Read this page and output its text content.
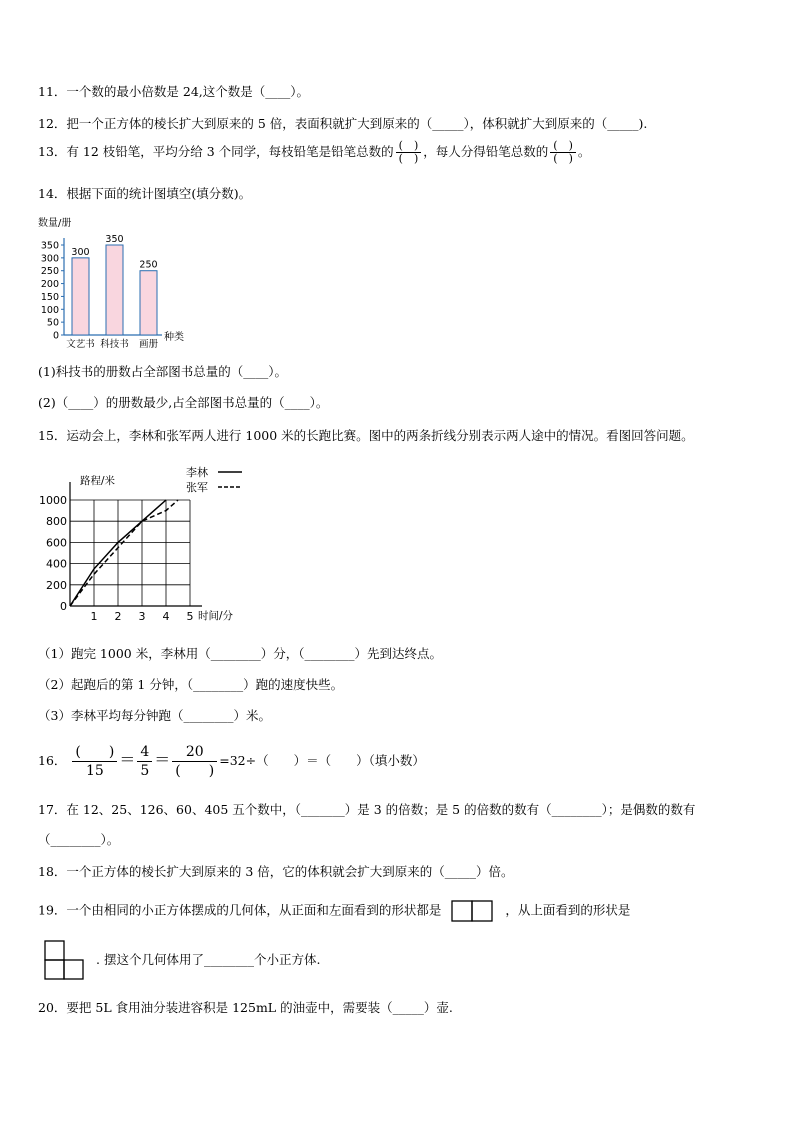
11．一个数的最小倍数是 24,这个数是（____）。
12．把一个正方体的棱长扩大到原来的 5 倍，表面积就扩大到原来的（_____），体积就扩大到原来的（_____).
13．有 12 枝铅笔，平均分给 3 个同学，每枝铅笔是铅笔总数的 $\frac{( )}{( )}$ ，每人分得铅笔总数的 $\frac{( )}{( )}$ 。
14．根据下面的统计图填空(填分数)。
数量/册
0
50
100
150
200
250
300
350
300
文艺书
350
科技书
250
画册
种类
(1)科技书的册数占全部图书总量的（____）。
(2)（____）的册数最少,占全部图书总量的（____）。
15．运动会上，李林和张军两人进行 1000 米的长跑比赛。图中的两条折线分别表示两人途中的情况。看图回答问题。
路程/米
时间/分
0
200
400
600
800
1000
1 2 3 4 5
李林
张军
（1）跑完 1000 米，李林用（________）分，（________）先到达终点。
（2）起跑后的第 1 分钟，（________）跑的速度快些。
（3）李林平均每分钟跑（________）米。
16． $\frac{( )}{15} = \frac{4}{5} = \frac{20}{( )} =32\div$（　　）＝（　　）（填小数）
17．在 12、25、126、60、405 五个数中，（_______）是 3 的倍数；是 5 的倍数的数有（________）；是偶数的数有
（________）。
18．一个正方体的棱长扩大到原来的 3 倍，它的体积就会扩大到原来的（_____）倍。
19．一个由相同的小正方体摆成的几何体，从正面和左面看到的形状都是	，从上面看到的形状是
. 摆这个几何体用了________个小正方体.
20．要把 5L 食用油分装进容积是 125mL 的油壶中，需要装（_____）壶.
